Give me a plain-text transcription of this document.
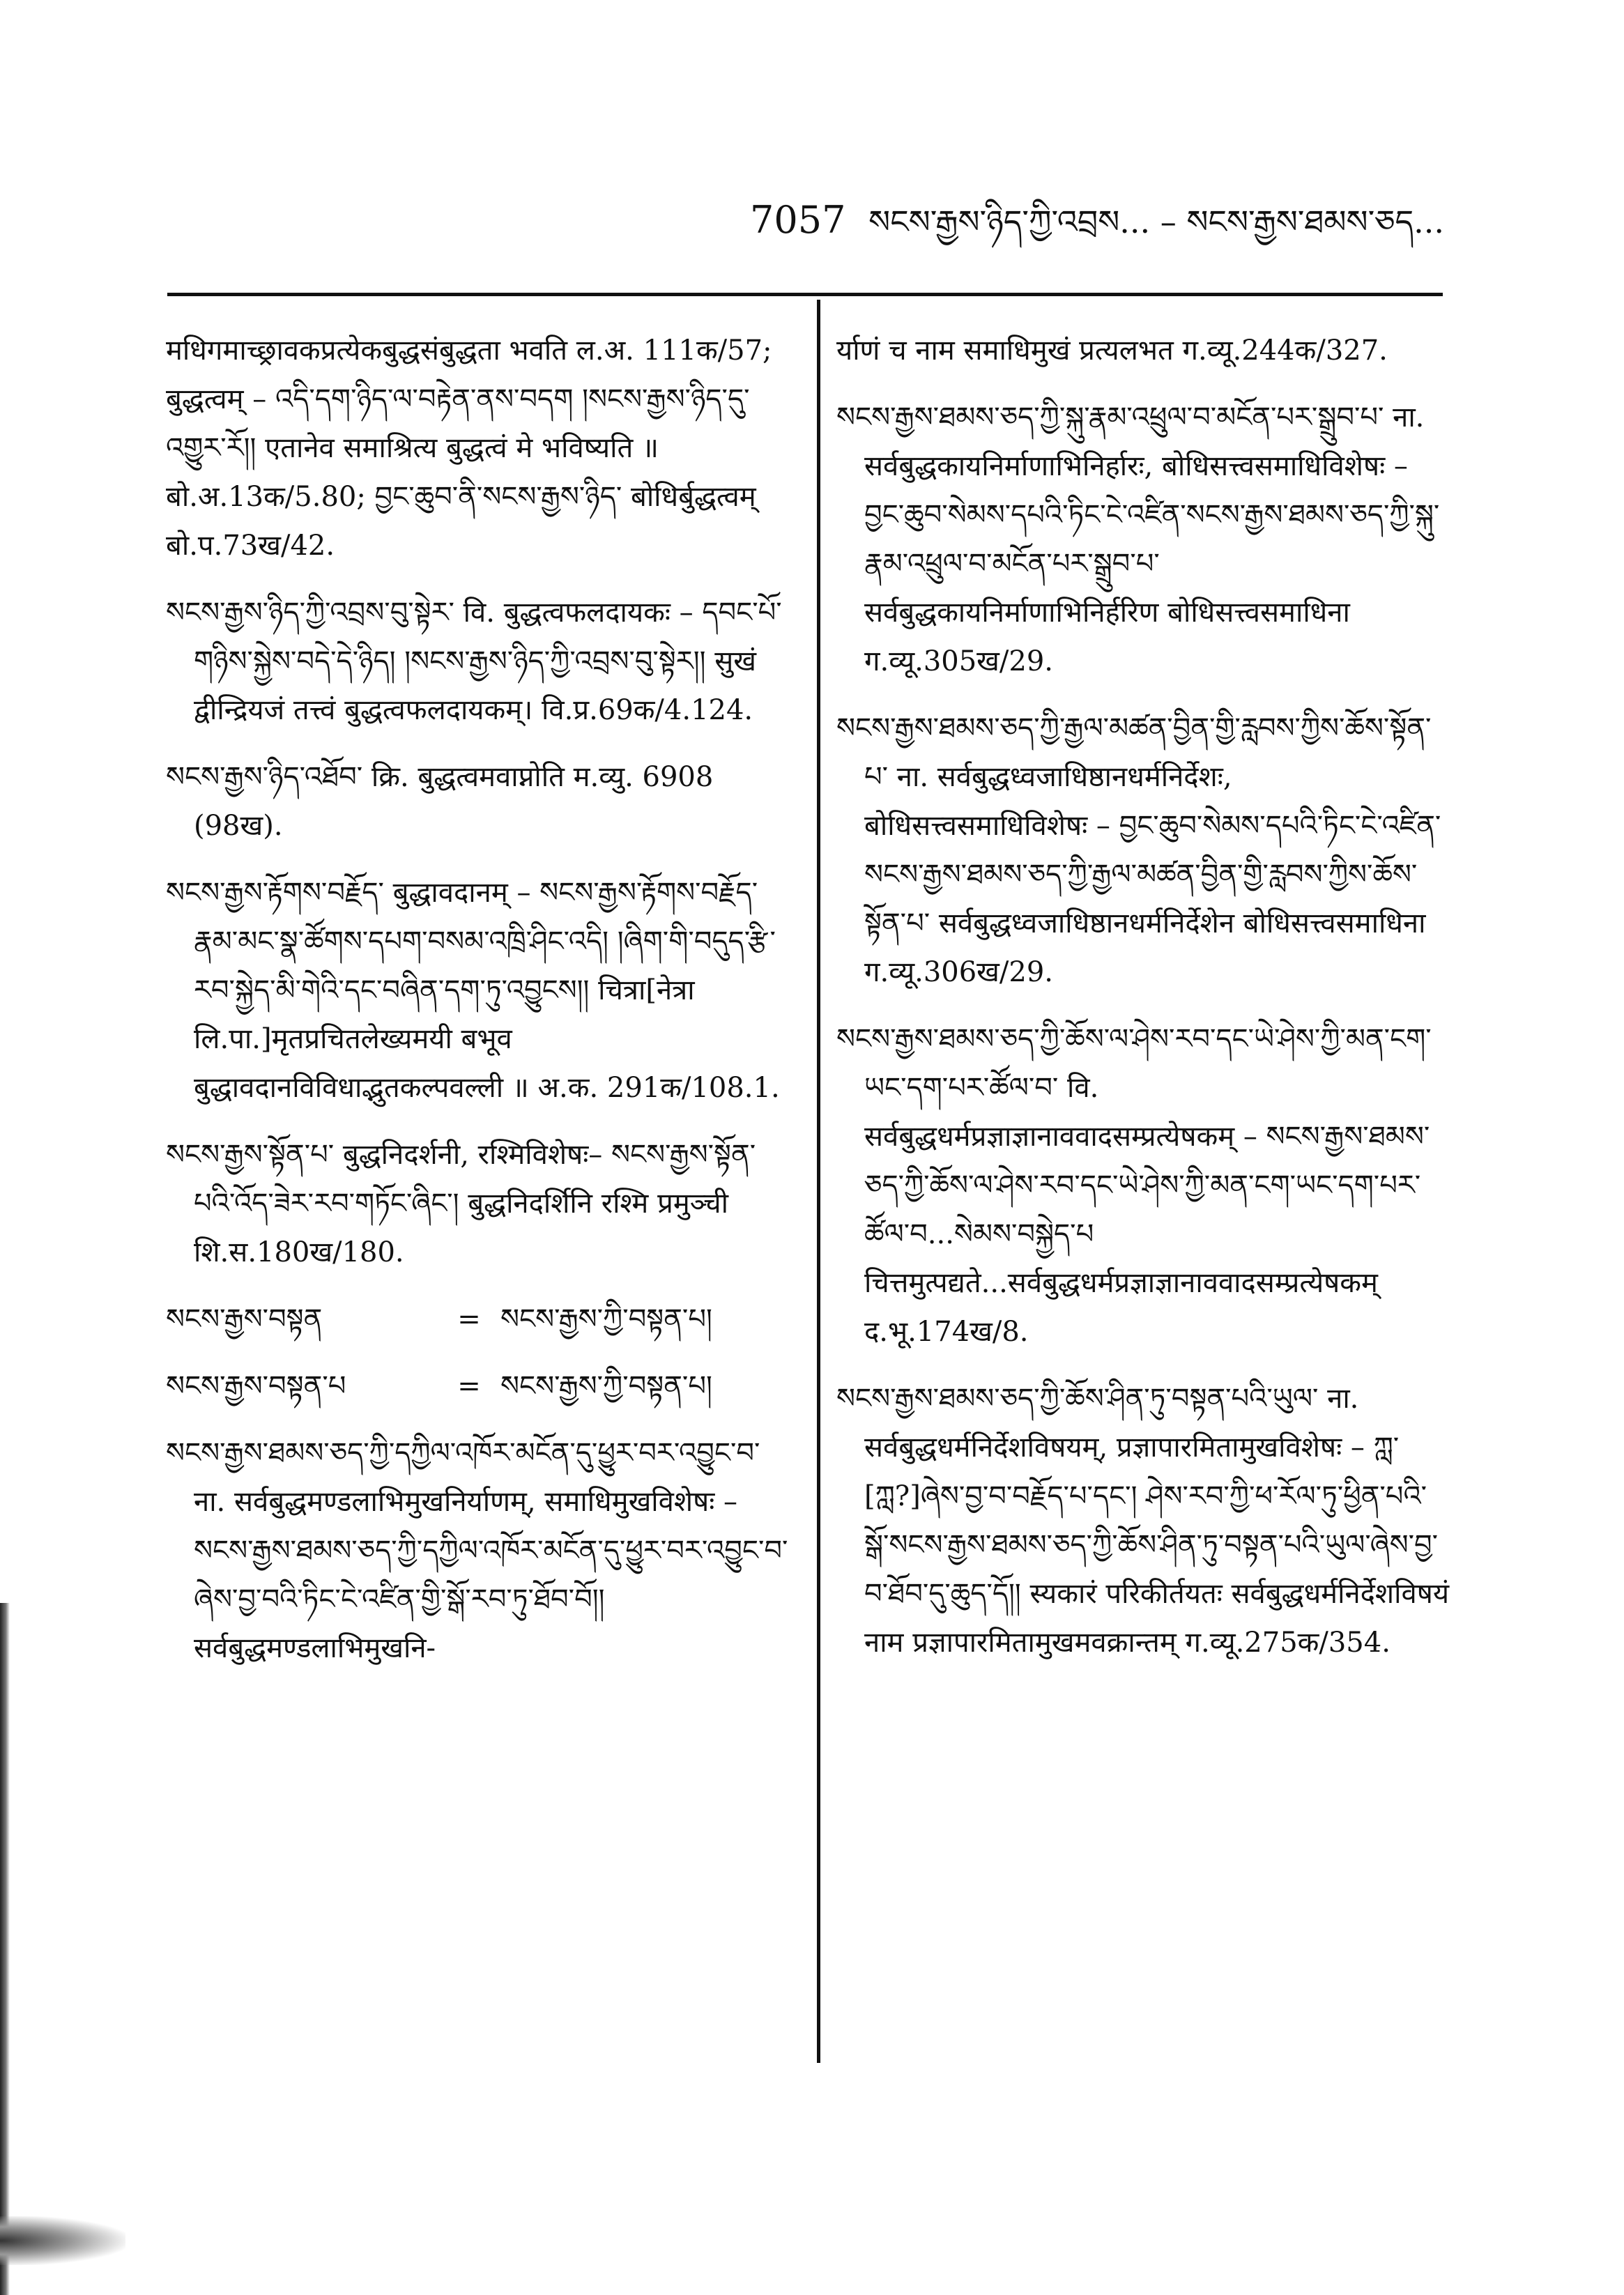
7057 སངས་རྒྱས་ཉིད་ཀྱི་འབྲས... – སངས་རྒྱས་ཐམས་ཅད...

मधिगमाच्छ्रावकप्रत्येकबुद्धसंबुद्धता भवति ल.अ. 111क/57; बुद्धत्वम् – འདི་དག་ཉིད་ལ་བརྟེན་ནས་བདག །སངས་རྒྱས་ཉིད་དུ་འགྱུར་རོ།། एतानेव समाश्रित्य बुद्धत्वं मे भविष्यति ॥ बो.अ.13क/5.80; བྱང་ཆུབ་ནི་སངས་རྒྱས་ཉིད་ बोधिर्बुद्धत्वम् बो.प.73ख/42.

སངས་རྒྱས་ཉིད་ཀྱི་འབྲས་བུ་སྟེར་ वि. बुद्धत्वफलदायकः – དབང་པོ་གཉིས་སྐྱེས་བདེ་དེ་ཉིད། །སངས་རྒྱས་ཉིད་ཀྱི་འབྲས་བུ་སྟེར།། सुखं द्वीन्द्रियजं तत्त्वं बुद्धत्वफलदायकम्। वि.प्र.69क/4.124.

སངས་རྒྱས་ཉིད་འཐོབ་ क्रि. बुद्धत्वमवाप्नोति म.व्यु. 6908 (98ख).

སངས་རྒྱས་རྟོགས་བརྗོད་ बुद्धावदानम् – སངས་རྒྱས་རྟོགས་བརྗོད་རྣམ་མང་སྣ་ཚོགས་དཔག་བསམ་འཁྲི་ཤིང་འདི། །ཞིག་གི་བདུད་རྩི་རབ་སྐྱེད་མི་གེའི་དང་བཞིན་དག་ཏུ་འབྱུངས།། चित्रा[नेत्रा लि.पा.]मृतप्रचितलेख्यमयी बभूव बुद्धावदानविविधाद्भुतकल्पवल्ली ॥ अ.क. 291क/108.1.

སངས་རྒྱས་སྟོན་པ་ बुद्धनिदर्शनी, रश्मिविशेषः– སངས་རྒྱས་སྟོན་པའི་འོད་ཟེར་རབ་གཏོང་ཞིང་། बुद्धनिदर्शिनि रश्मि प्रमुञ्ची शि.स.180ख/180.

སངས་རྒྱས་བསྟན	= སངས་རྒྱས་ཀྱི་བསྟན་པ།
སངས་རྒྱས་བསྟན་པ	= སངས་རྒྱས་ཀྱི་བསྟན་པ།

སངས་རྒྱས་ཐམས་ཅད་ཀྱི་དཀྱིལ་འཁོར་མངོན་དུ་ཕྱུར་བར་འབྱུང་བ་ ना. सर्वबुद्धमण्डलाभिमुखनिर्याणम्, समाधिमुखविशेषः – སངས་རྒྱས་ཐམས་ཅད་ཀྱི་དཀྱིལ་འཁོར་མངོན་དུ་ཕྱུར་བར་འབྱུང་བ་ཞེས་བྱ་བའི་ཏིང་ངེ་འཛིན་གྱི་སྒོ་རབ་ཏུ་ཐོབ་བོ།། सर्वबुद्धमण्डलाभिमुखनि-

र्याणं च नाम समाधिमुखं प्रत्यलभत ग.व्यू.244क/327.

སངས་རྒྱས་ཐམས་ཅད་ཀྱི་སྐུ་རྣམ་འཕྲུལ་བ་མངོན་པར་སྒྲུབ་པ་ ना. सर्वबुद्धकायनिर्माणाभिनिर्हारः, बोधिसत्त्वसमाधिविशेषः – བྱང་ཆུབ་སེམས་དཔའི་ཏིང་ངེ་འཛིན་སངས་རྒྱས་ཐམས་ཅད་ཀྱི་སྐུ་རྣམ་འཕྲུལ་བ་མངོན་པར་སྒྲུབ་པ་ सर्वबुद्धकायनिर्माणाभिनिर्हरिण बोधिसत्त्वसमाधिना ग.व्यू.305ख/29.

སངས་རྒྱས་ཐམས་ཅད་ཀྱི་རྒྱལ་མཚན་བྱིན་གྱི་རླབས་ཀྱིས་ཆོས་སྟོན་པ་ ना. सर्वबुद्धध्वजाधिष्ठानधर्मनिर्देशः, बोधिसत्त्वसमाधिविशेषः – བྱང་ཆུབ་སེམས་དཔའི་ཏིང་ངེ་འཛིན་སངས་རྒྱས་ཐམས་ཅད་ཀྱི་རྒྱལ་མཚན་བྱིན་གྱི་རླབས་ཀྱིས་ཆོས་སྟོན་པ་ सर्वबुद्धध्वजाधिष्ठानधर्मनिर्देशेन बोधिसत्त्वसमाधिना ग.व्यू.306ख/29.

སངས་རྒྱས་ཐམས་ཅད་ཀྱི་ཆོས་ལ་ཤེས་རབ་དང་ཡེ་ཤེས་ཀྱི་མན་ངག་ཡང་དག་པར་ཚོལ་བ་ वि. सर्वबुद्धधर्मप्रज्ञाज्ञानाववादसम्प्रत्येषकम् – སངས་རྒྱས་ཐམས་ཅད་ཀྱི་ཆོས་ལ་ཤེས་རབ་དང་ཡེ་ཤེས་ཀྱི་མན་ངག་ཡང་དག་པར་ཚོལ་བ...སེམས་བསྐྱེད་པ चित्तमुत्पद्यते...सर्वबुद्धधर्मप्रज्ञाज्ञानाववादसम्प्रत्येषकम् द.भू.174ख/8.

སངས་རྒྱས་ཐམས་ཅད་ཀྱི་ཆོས་ཤིན་ཏུ་བསྟན་པའི་ཡུལ་ ना. सर्वबुद्धधर्मनिर्देशविषयम्, प्रज्ञापारमितामुखविशेषः – ཀླ་[ཀླ?]ཞེས་བྱ་བ་བརྗོད་པ་དང་། ཤེས་རབ་ཀྱི་ཕ་རོལ་ཏུ་ཕྱིན་པའི་སྒོ་སངས་རྒྱས་ཐམས་ཅད་ཀྱི་ཆོས་ཤིན་ཏུ་བསྟན་པའི་ཡུལ་ཞེས་བྱ་བ་ཐོབ་དུ་ཆུད་དོ།། स्यकारं परिकीर्तयतः सर्वबुद्धधर्मनिर्देशविषयं नाम प्रज्ञापारमितामुखमवक्रान्तम् ग.व्यू.275क/354.
